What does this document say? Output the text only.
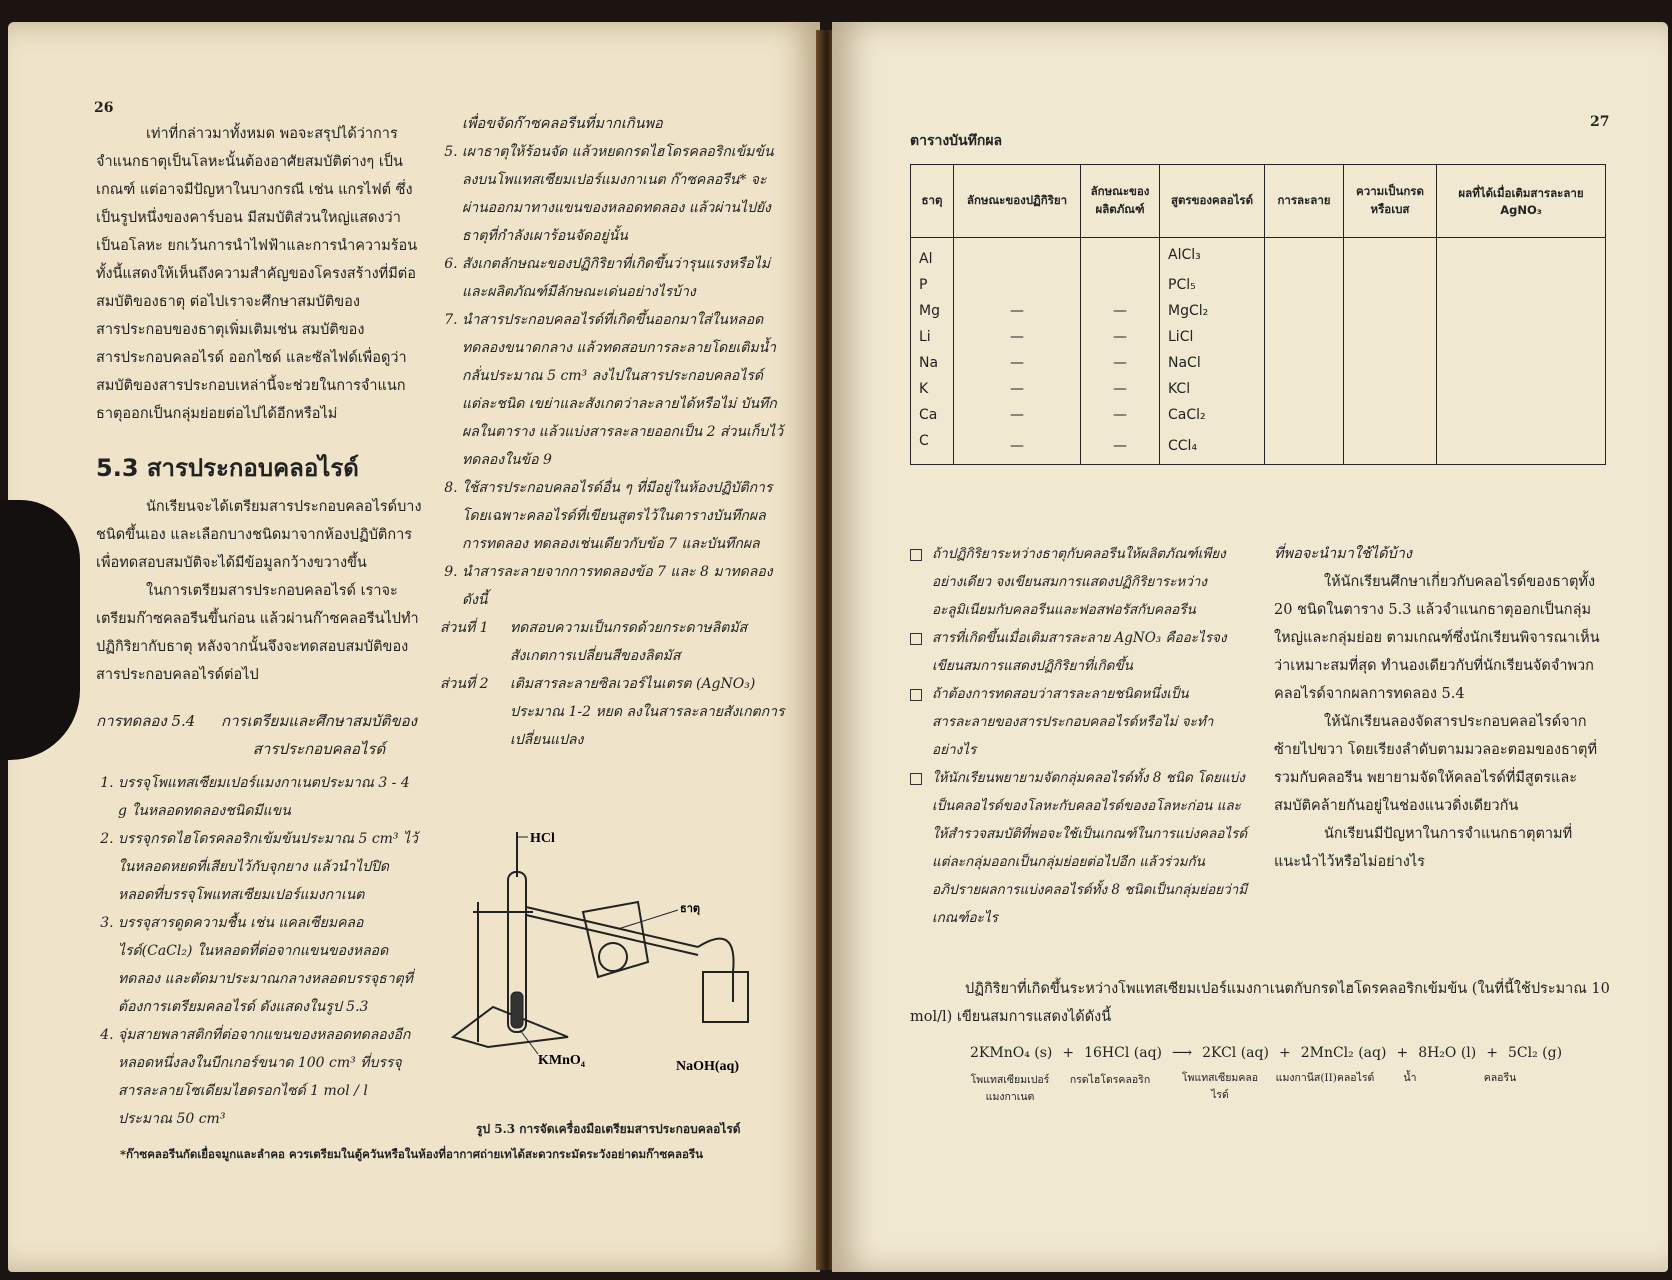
26

เท่าที่กล่าวมาทั้งหมด พอจะสรุปได้ว่าการจำแนกธาตุเป็นโลหะนั้นต้องอาศัยสมบัติต่างๆ เป็นเกณฑ์ แต่อาจมีปัญหาในบางกรณี เช่น แกรไฟต์ ซึ่งเป็นรูปหนึ่งของคาร์บอน มีสมบัติส่วนใหญ่แสดงว่าเป็นอโลหะ ยกเว้นการนำไฟฟ้าและการนำความร้อน ทั้งนี้แสดงให้เห็นถึงความสำคัญของโครงสร้างที่มีต่อสมบัติของธาตุ ต่อไปเราจะศึกษาสมบัติของสารประกอบของธาตุเพิ่มเติมเช่น สมบัติของสารประกอบคลอไรด์ ออกไซด์ และซัลไฟด์เพื่อดูว่าสมบัติของสารประกอบเหล่านี้จะช่วยในการจำแนกธาตุออกเป็นกลุ่มย่อยต่อไปได้อีกหรือไม่

5.3 สารประกอบคลอไรด์

นักเรียนจะได้เตรียมสารประกอบคลอไรด์บางชนิดขึ้นเอง และเลือกบางชนิดมาจากห้องปฏิบัติการเพื่อทดสอบสมบัติจะได้มีข้อมูลกว้างขวางขึ้น

ในการเตรียมสารประกอบคลอไรด์ เราจะเตรียมก๊าซคลอรีนขึ้นก่อน แล้วผ่านก๊าซคลอรีนไปทำปฏิกิริยากับธาตุ หลังจากนั้นจึงจะทดสอบสมบัติของสารประกอบคลอไรด์ต่อไป

การทดลอง 5.4	การเตรียมและศึกษาสมบัติของสารประกอบคลอไรด์
1. บรรจุโพแทสเซียมเปอร์แมงกาเนตประมาณ 3 - 4 g ในหลอดทดลองชนิดมีแขน
2. บรรจุกรดไฮโดรคลอริกเข้มข้นประมาณ 5 cm³ ไว้ในหลอดหยดที่เสียบไว้กับจุกยาง แล้วนำไปปิดหลอดที่บรรจุโพแทสเซียมเปอร์แมงกาเนต
3. บรรจุสารดูดความชื้น เช่น แคลเซียมคลอไรด์(CaCl₂) ในหลอดที่ต่อจากแขนของหลอดทดลอง และตัดมาประมาณกลางหลอดบรรจุธาตุที่ต้องการเตรียมคลอไรด์ ดังแสดงในรูป 5.3
4. จุ่มสายพลาสติกที่ต่อจากแขนของหลอดทดลองอีกหลอดหนึ่งลงในบีกเกอร์ขนาด 100 cm³ ที่บรรจุสารละลายโซเดียมไฮดรอกไซด์ 1 mol / l ประมาณ 50 cm³

เพื่อขจัดก๊าซคลอรีนที่มากเกินพอ

5. เผาธาตุให้ร้อนจัด แล้วหยดกรดไฮโดรคลอริกเข้มข้นลงบนโพแทสเซียมเปอร์แมงกาเนต ก๊าซคลอรีน* จะผ่านออกมาทางแขนของหลอดทดลอง แล้วผ่านไปยังธาตุที่กำลังเผาร้อนจัดอยู่นั้น
6. สังเกตลักษณะของปฏิกิริยาที่เกิดขึ้นว่ารุนแรงหรือไม่ และผลิตภัณฑ์มีลักษณะเด่นอย่างไรบ้าง
7. นำสารประกอบคลอไรด์ที่เกิดขึ้นออกมาใส่ในหลอดทดลองขนาดกลาง แล้วทดสอบการละลายโดยเติมน้ำกลั่นประมาณ 5 cm³ ลงไปในสารประกอบคลอไรด์แต่ละชนิด เขย่าและสังเกตว่าละลายได้หรือไม่ บันทึกผลในตาราง แล้วแบ่งสารละลายออกเป็น 2 ส่วนเก็บไว้ทดลองในข้อ 9
8. ใช้สารประกอบคลอไรด์อื่น ๆ ที่มีอยู่ในห้องปฏิบัติการ โดยเฉพาะคลอไรด์ที่เขียนสูตรไว้ในตารางบันทึกผลการทดลอง ทดลองเช่นเดียวกับข้อ 7 และบันทึกผล
9. นำสารละลายจากการทดลองข้อ 7 และ 8 มาทดลองดังนี้
ส่วนที่ 1	ทดสอบความเป็นกรดด้วยกระดาษลิตมัส สังเกตการเปลี่ยนสีของลิตมัส
ส่วนที่ 2	เติมสารละลายซิลเวอร์ไนเตรต (AgNO₃) ประมาณ 1-2 หยด ลงในสารละลายสังเกตการเปลี่ยนแปลง
HCl
ธาตุ
KMnO₄	NaOH(aq)
รูป 5.3 การจัดเครื่องมือเตรียมสารประกอบคลอไรด์
*ก๊าซคลอรีนกัดเยื่อจมูกและลำคอ ควรเตรียมในตู้ควันหรือในห้องที่อากาศถ่ายเทได้สะดวกระมัดระวังอย่าดมก๊าซคลอรีน
27
ตารางบันทึกผล
ธาตุ	ลักษณะของปฏิกิริยา	ลักษณะของผลิตภัณฑ์	สูตรของคลอไรด์	การละลาย	ความเป็นกรดหรือเบส	ผลที่ได้เมื่อเติมสารละลาย AgNO₃
Al			AlCl₃			
P			PCl₅			
Mg	—	—	MgCl₂			
Li	—	—	LiCl			
Na	—	—	NaCl			
K	—	—	KCl			
Ca	—	—	CaCl₂			
C	—	—	CCl₄			
ถ้าปฏิกิริยาระหว่างธาตุกับคลอรีนให้ผลิตภัณฑ์เพียงอย่างเดียว จงเขียนสมการแสดงปฏิกิริยาระหว่างอะลูมิเนียมกับคลอรีนและฟอสฟอรัสกับคลอรีน
สารที่เกิดขึ้นเมื่อเติมสารละลาย AgNO₃ คืออะไรจงเขียนสมการแสดงปฏิกิริยาที่เกิดขึ้น
ถ้าต้องการทดสอบว่าสารละลายชนิดหนึ่งเป็นสารละลายของสารประกอบคลอไรด์หรือไม่ จะทำอย่างไร
ให้นักเรียนพยายามจัดกลุ่มคลอไรด์ทั้ง 8 ชนิด โดยแบ่งเป็นคลอไรด์ของโลหะกับคลอไรด์ของอโลหะก่อน และให้สำรวจสมบัติที่พอจะใช้เป็นเกณฑ์ในการแบ่งคลอไรด์แต่ละกลุ่มออกเป็นกลุ่มย่อยต่อไปอีก แล้วร่วมกันอภิปรายผลการแบ่งคลอไรด์ทั้ง 8 ชนิดเป็นกลุ่มย่อยว่ามีเกณฑ์อะไร

ที่พอจะนำมาใช้ได้บ้าง

ให้นักเรียนศึกษาเกี่ยวกับคลอไรด์ของธาตุทั้ง 20 ชนิดในตาราง 5.3 แล้วจำแนกธาตุออกเป็นกลุ่มใหญ่และกลุ่มย่อย ตามเกณฑ์ซึ่งนักเรียนพิจารณาเห็นว่าเหมาะสมที่สุด ทำนองเดียวกับที่นักเรียนจัดจำพวกคลอไรด์จากผลการทดลอง 5.4

ให้นักเรียนลองจัดสารประกอบคลอไรด์จากซ้ายไปขวา โดยเรียงลำดับตามมวลอะตอมของธาตุที่รวมกับคลอรีน พยายามจัดให้คลอไรด์ที่มีสูตรและสมบัติคล้ายกันอยู่ในช่องแนวดิ่งเดียวกัน

นักเรียนมีปัญหาในการจำแนกธาตุตามที่แนะนำไว้หรือไม่อย่างไร

ปฏิกิริยาที่เกิดขึ้นระหว่างโพแทสเซียมเปอร์แมงกาเนตกับกรดไฮโดรคลอริกเข้มข้น (ในที่นี้ใช้ประมาณ 10 mol/l) เขียนสมการแสดงได้ดังนี้

2KMnO₄ (s) + 16HCl (aq) ⟶ 2KCl (aq) + 2MnCl₂ (aq) + 8H₂O (l) + 5Cl₂ (g)
โพแทสเซียมเปอร์แมงกาเนต
กรดไฮโดรคลอริก	โพแทสเซียมคลอไรด์
แมงกานีส(II)คลอไรด์	น้ำ	คลอรีน
